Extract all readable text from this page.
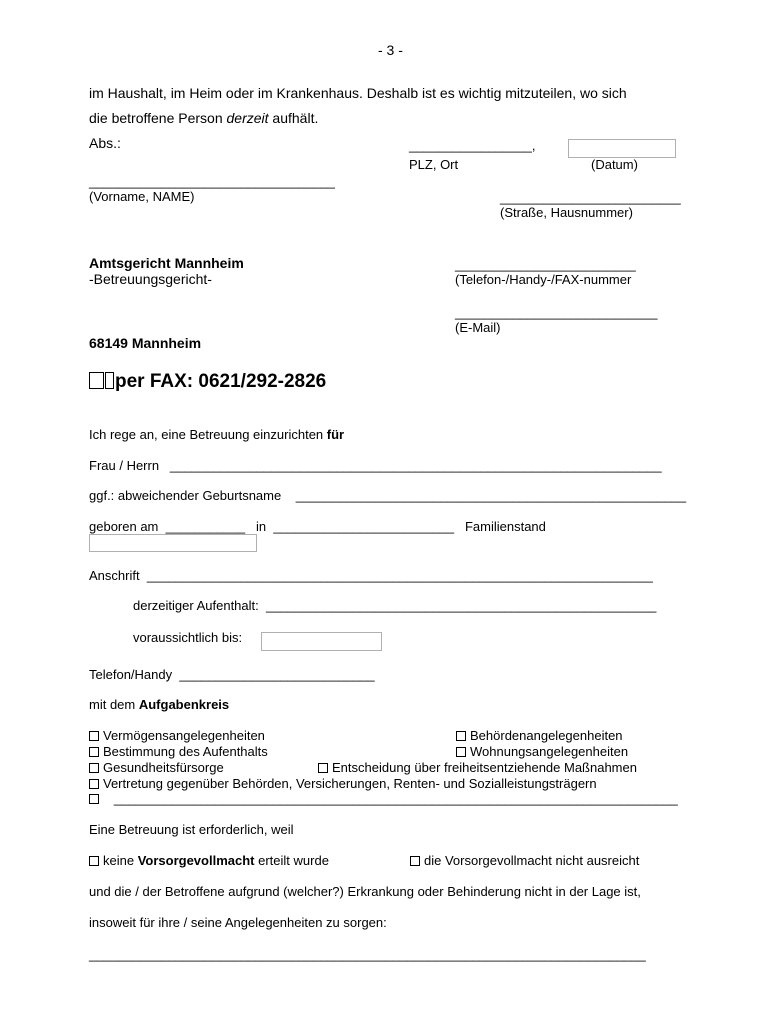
- 3 -
im Haushalt, im Heim oder im Krankenhaus. Deshalb ist es wichtig mitzuteilen, wo sich
die betroffene Person derzeit aufhält.
Abs.:	_________________,
PLZ, Ort	(Datum)
__________________________________
(Vorname, NAME)	_________________________
(Straße, Hausnummer)
Amtsgericht Mannheim
-Betreuungsgericht-
_________________________
(Telefon-/Handy-/FAX-nummer
____________________________
(E-Mail)
68149 Mannheim
per FAX: 0621/292-2826
Ich rege an, eine Betreuung einzurichten für
Frau / Herrn ____________________________________________________________________
ggf.: abweichender Geburtsname ______________________________________________________
geboren am ___________ in _________________________ Familienstand
Anschrift ______________________________________________________________________
derzeitiger Aufenthalt: ______________________________________________________
voraussichtlich bis:
Telefon/Handy ___________________________
mit dem Aufgabenkreis
Vermögensangelegenheiten	Behördenangelegenheiten
Bestimmung des Aufenthalts	Wohnungsangelegenheiten
Gesundheitsfürsorge	Entscheidung über freiheitsentziehende Maßnahmen
Vertretung gegenüber Behörden, Versicherungen, Renten- und Sozialleistungsträgern
______________________________________________________________________________
Eine Betreuung ist erforderlich, weil
keine Vorsorgevollmacht erteilt wurde	die Vorsorgevollmacht nicht ausreicht
und die / der Betroffene aufgrund (welcher?) Erkrankung oder Behinderung nicht in der Lage ist,
insoweit für ihre / seine Angelegenheiten zu sorgen:
_____________________________________________________________________________
